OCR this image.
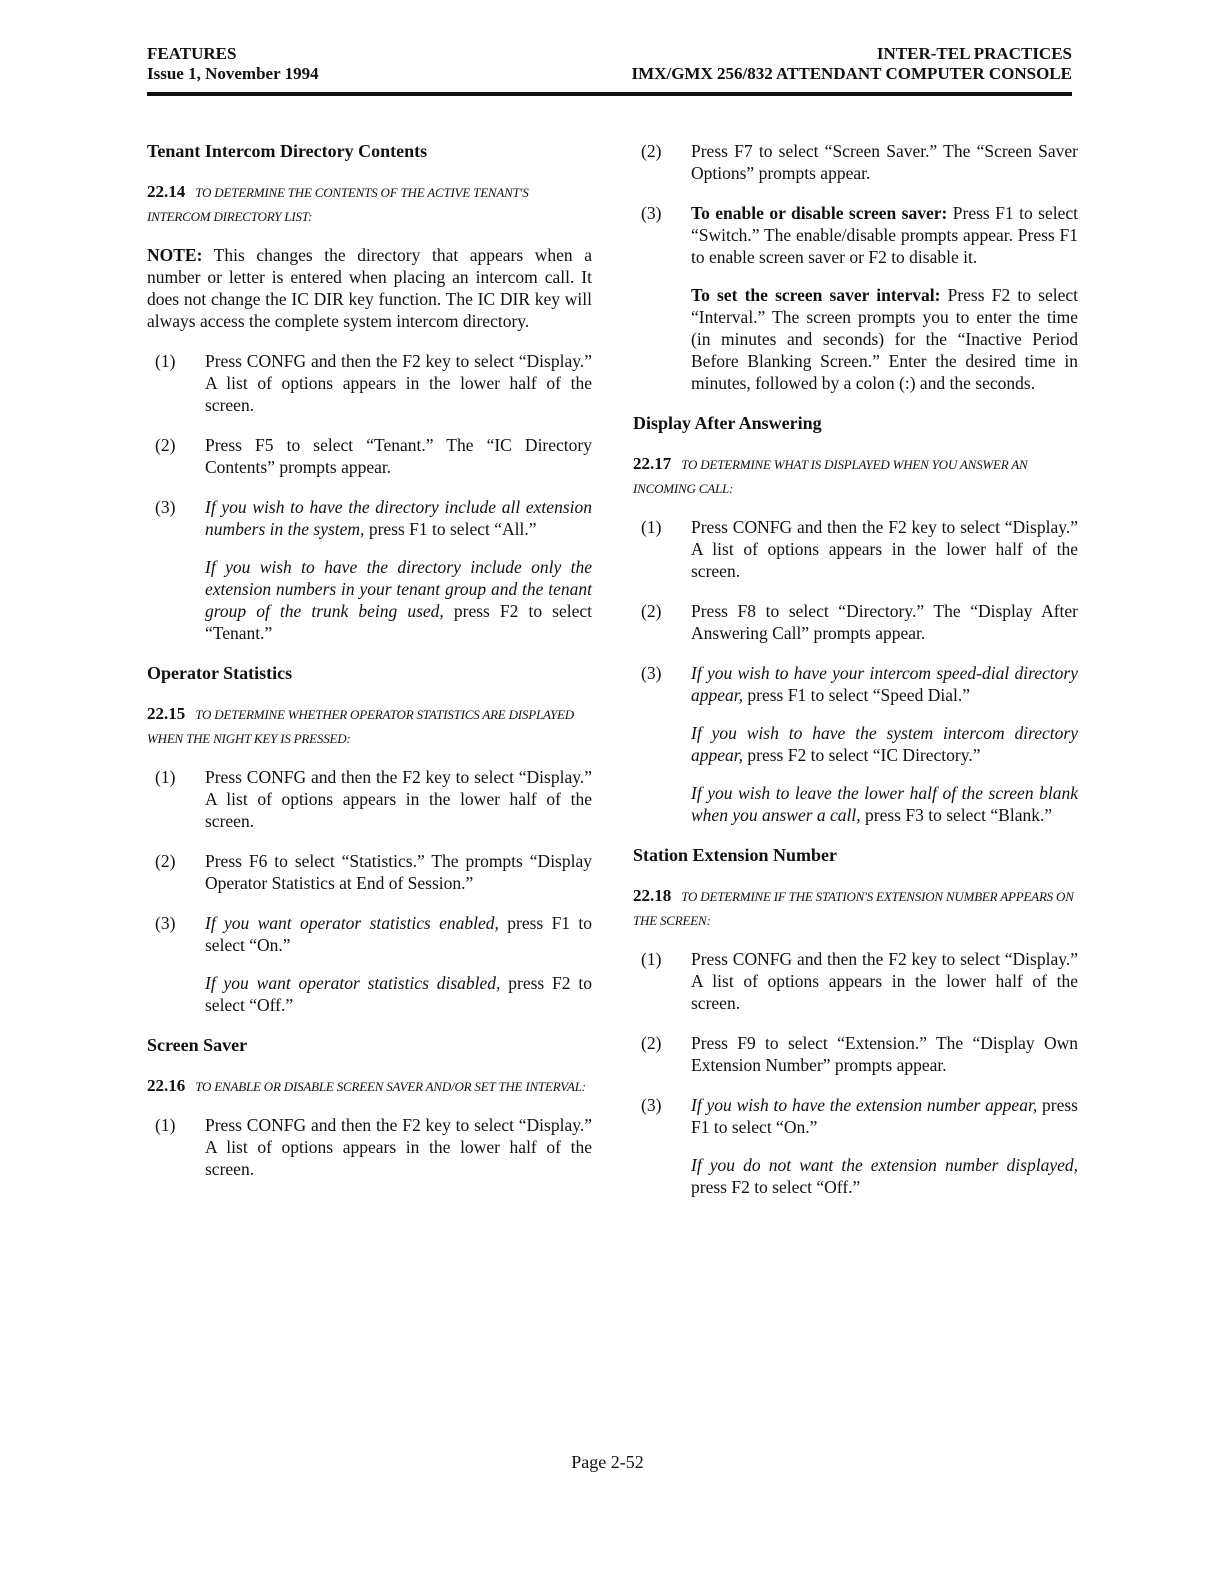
FEATURES
Issue 1, November 1994
INTER-TEL PRACTICES
IMX/GMX 256/832 ATTENDANT COMPUTER CONSOLE
Tenant Intercom Directory Contents
22.14 TO DETERMINE THE CONTENTS OF THE ACTIVE TENANT'S INTERCOM DIRECTORY LIST:

NOTE: This changes the directory that appears when a number or letter is entered when placing an intercom call. It does not change the IC DIR key function. The IC DIR key will always access the complete system intercom directory.

(1)	Press CONFG and then the F2 key to select “Display.” A list of options appears in the lower half of the screen.
(2)	Press F5 to select “Tenant.” The “IC Directory Contents” prompts appear.
(3)	If you wish to have the directory include all extension numbers in the system, press F1 to select “All.”

If you wish to have the directory include only the extension numbers in your tenant group and the tenant group of the trunk being used, press F2 to select “Tenant.”

Operator Statistics
22.15 TO DETERMINE WHETHER OPERATOR STATISTICS ARE DISPLAYED WHEN THE NIGHT KEY IS PRESSED:
(1)	Press CONFG and then the F2 key to select “Display.” A list of options appears in the lower half of the screen.
(2)	Press F6 to select “Statistics.” The prompts “Display Operator Statistics at End of Session.”
(3)	If you want operator statistics enabled, press F1 to select “On.”

If you want operator statistics disabled, press F2 to select “Off.”

Screen Saver
22.16 TO ENABLE OR DISABLE SCREEN SAVER AND/OR SET THE INTERVAL:
(1)	Press CONFG and then the F2 key to select “Display.” A list of options appears in the lower half of the screen.
(2)	Press F7 to select “Screen Saver.” The “Screen Saver Options” prompts appear.
(3)	To enable or disable screen saver: Press F1 to select “Switch.” The enable/disable prompts appear. Press F1 to enable screen saver or F2 to disable it.

To set the screen saver interval: Press F2 to select “Interval.” The screen prompts you to enter the time (in minutes and seconds) for the “Inactive Period Before Blanking Screen.” Enter the desired time in minutes, followed by a colon (:) and the seconds.

Display After Answering
22.17 TO DETERMINE WHAT IS DISPLAYED WHEN YOU ANSWER AN INCOMING CALL:
(1)	Press CONFG and then the F2 key to select “Display.” A list of options appears in the lower half of the screen.
(2)	Press F8 to select “Directory.” The “Display After Answering Call” prompts appear.
(3)	If you wish to have your intercom speed-dial directory appear, press F1 to select “Speed Dial.”

If you wish to have the system intercom directory appear, press F2 to select “IC Directory.”

If you wish to leave the lower half of the screen blank when you answer a call, press F3 to select “Blank.”

Station Extension Number
22.18 TO DETERMINE IF THE STATION'S EXTENSION NUMBER APPEARS ON THE SCREEN:
(1)	Press CONFG and then the F2 key to select “Display.” A list of options appears in the lower half of the screen.
(2)	Press F9 to select “Extension.” The “Display Own Extension Number” prompts appear.
(3)	If you wish to have the extension number appear, press F1 to select “On.”

If you do not want the extension number displayed, press F2 to select “Off.”

Page 2-52
